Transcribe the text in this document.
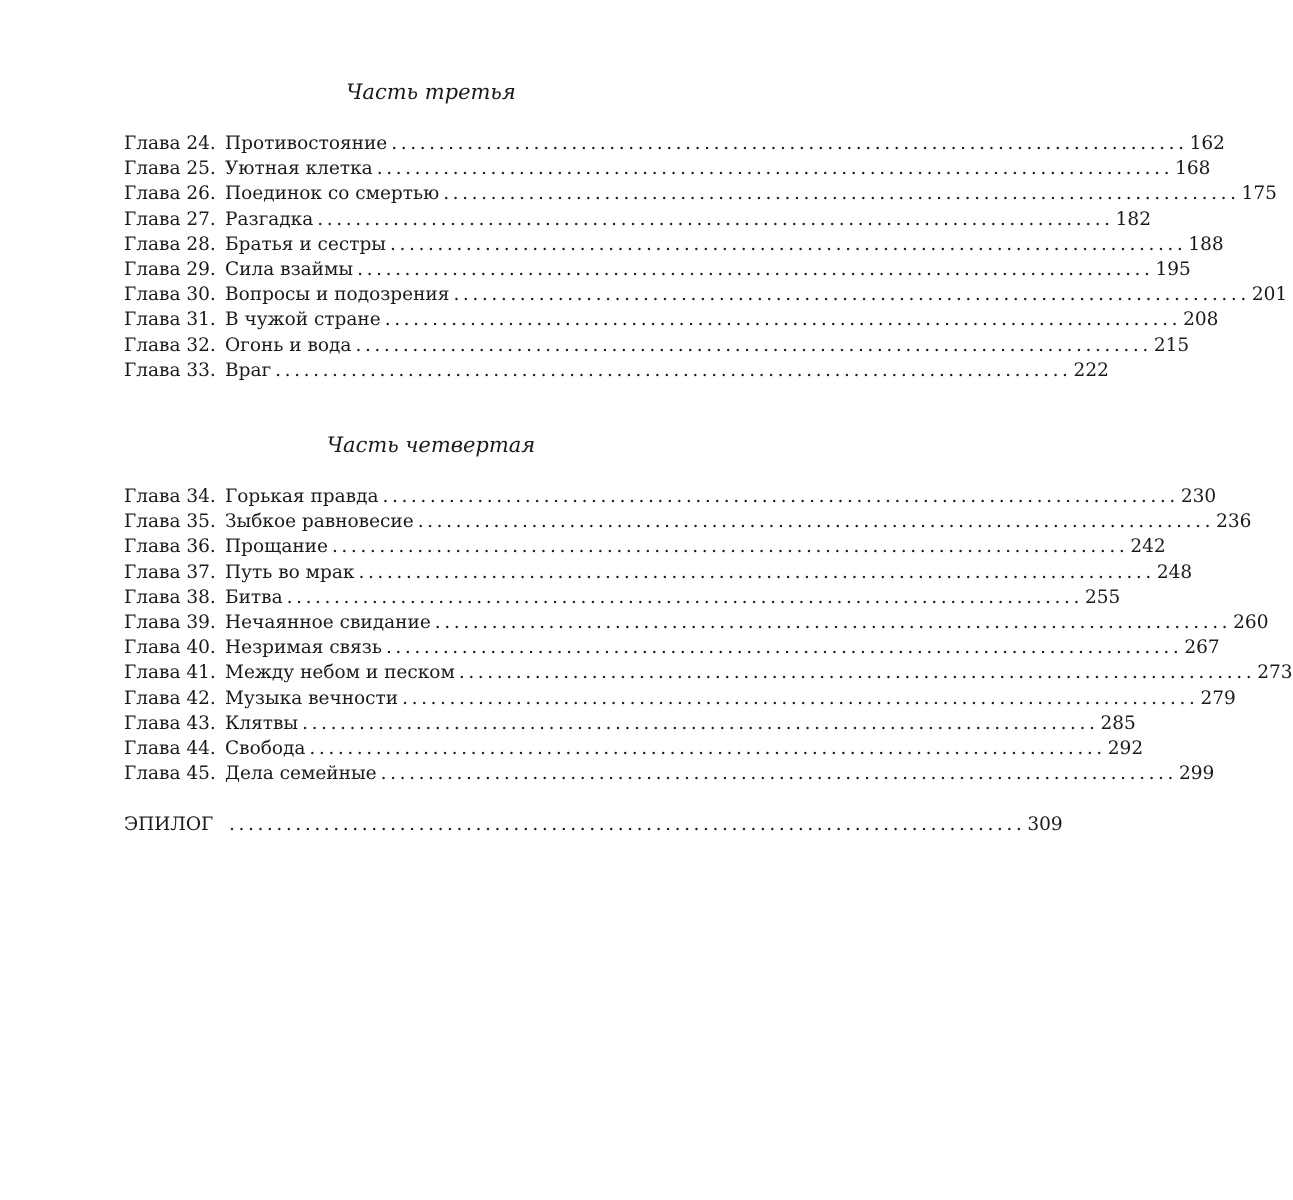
Часть третья
Глава 24. Противостояние .................................................................................... 162
Глава 25. Уютная клетка .................................................................................... 168
Глава 26. Поединок со смертью .................................................................................... 175
Глава 27. Разгадка .................................................................................... 182
Глава 28. Братья и сестры .................................................................................... 188
Глава 29. Сила взаймы .................................................................................... 195
Глава 30. Вопросы и подозрения .................................................................................... 201
Глава 31. В чужой стране .................................................................................... 208
Глава 32. Огонь и вода .................................................................................... 215
Глава 33. Враг .................................................................................... 222
Часть четвертая
Глава 34. Горькая правда .................................................................................... 230
Глава 35. Зыбкое равновесие .................................................................................... 236
Глава 36. Прощание .................................................................................... 242
Глава 37. Путь во мрак .................................................................................... 248
Глава 38. Битва .................................................................................... 255
Глава 39. Нечаянное свидание .................................................................................... 260
Глава 40. Незримая связь .................................................................................... 267
Глава 41. Между небом и песком .................................................................................... 273
Глава 42. Музыка вечности .................................................................................... 279
Глава 43. Клятвы .................................................................................... 285
Глава 44. Свобода .................................................................................... 292
Глава 45. Дела семейные .................................................................................... 299
ЭПИЛОГ .................................................................................... 309
